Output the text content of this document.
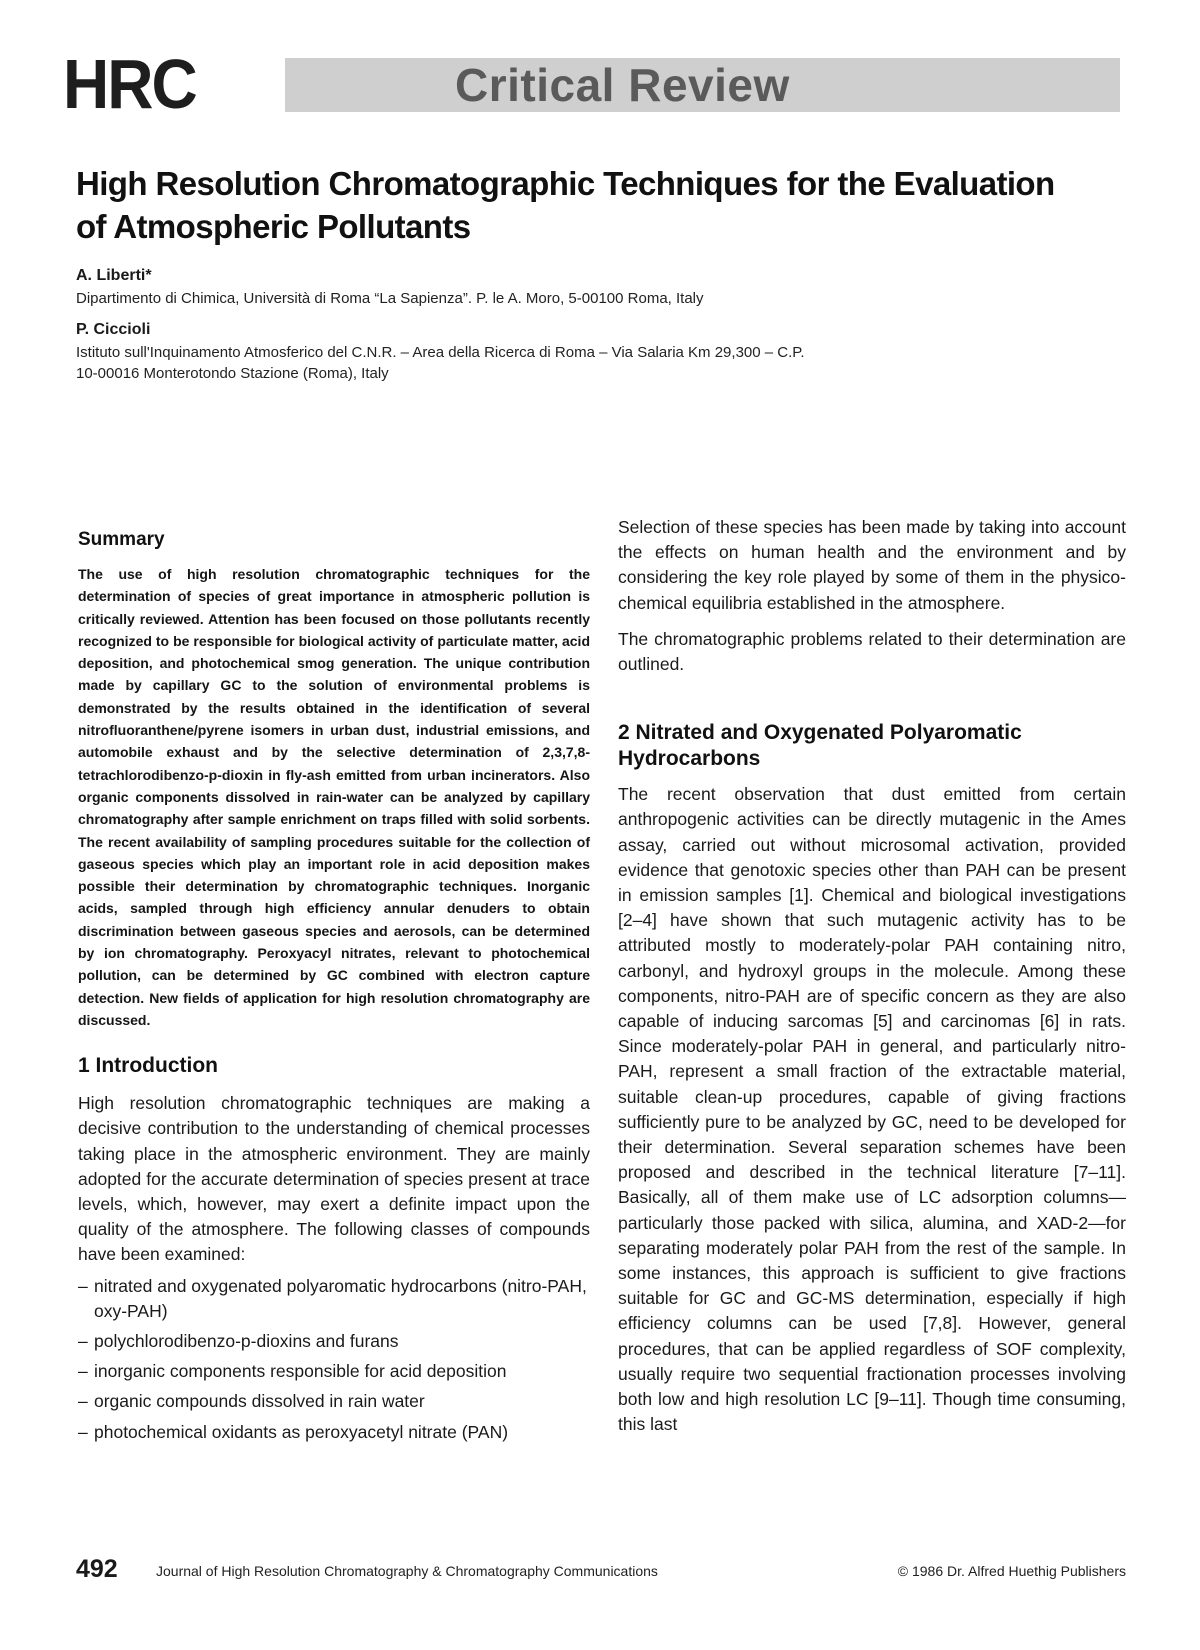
HRC	Critical Review
High Resolution Chromatographic Techniques for the Evaluation of Atmospheric Pollutants

A. Liberti*

Dipartimento di Chimica, Università di Roma “La Sapienza”. P. le A. Moro, 5-00100 Roma, Italy

P. Ciccioli

Istituto sull'Inquinamento Atmosferico del C.N.R. – Area della Ricerca di Roma – Via Salaria Km 29,300 – C.P.
10-00016 Monterotondo Stazione (Roma), Italy

Summary

The use of high resolution chromatographic techniques for the determination of species of great importance in atmospheric pollution is critically reviewed. Attention has been focused on those pollutants recently recognized to be responsible for biological activity of particulate matter, acid deposition, and photochemical smog generation. The unique contribution made by capillary GC to the solution of environmental problems is demonstrated by the results obtained in the identification of several nitrofluoranthene/pyrene isomers in urban dust, industrial emissions, and automobile exhaust and by the selective determination of 2,3,7,8-tetrachlorodibenzo-p-dioxin in fly-ash emitted from urban incinerators. Also organic components dissolved in rain-water can be analyzed by capillary chromatography after sample enrichment on traps filled with solid sorbents. The recent availability of sampling procedures suitable for the collection of gaseous species which play an important role in acid deposition makes possible their determination by chromatographic techniques. Inorganic acids, sampled through high efficiency annular denuders to obtain discrimination between gaseous species and aerosols, can be determined by ion chromatography. Peroxyacyl nitrates, relevant to photochemical pollution, can be determined by GC combined with electron capture detection. New fields of application for high resolution chromatography are discussed.

1 Introduction

High resolution chromatographic techniques are making a decisive contribution to the understanding of chemical processes taking place in the atmospheric environment. They are mainly adopted for the accurate determination of species present at trace levels, which, however, may exert a definite impact upon the quality of the atmosphere. The following classes of compounds have been examined:

– nitrated and oxygenated polyaromatic hydrocarbons (nitro-PAH, oxy-PAH)
– polychlorodibenzo-p-dioxins and furans
– inorganic components responsible for acid deposition
– organic compounds dissolved in rain water
– photochemical oxidants as peroxyacetyl nitrate (PAN)

Selection of these species has been made by taking into account the effects on human health and the environment and by considering the key role played by some of them in the physico-chemical equilibria established in the atmosphere.

The chromatographic problems related to their determination are outlined.

2 Nitrated and Oxygenated Polyaromatic Hydrocarbons

The recent observation that dust emitted from certain anthropogenic activities can be directly mutagenic in the Ames assay, carried out without microsomal activation, provided evidence that genotoxic species other than PAH can be present in emission samples [1]. Chemical and biological investigations [2–4] have shown that such mutagenic activity has to be attributed mostly to moderately-polar PAH containing nitro, carbonyl, and hydroxyl groups in the molecule. Among these components, nitro-PAH are of specific concern as they are also capable of inducing sarcomas [5] and carcinomas [6] in rats. Since moderately-polar PAH in general, and particularly nitro-PAH, represent a small fraction of the extractable material, suitable clean-up procedures, capable of giving fractions sufficiently pure to be analyzed by GC, need to be developed for their determination. Several separation schemes have been proposed and described in the technical literature [7–11]. Basically, all of them make use of LC adsorption columns—particularly those packed with silica, alumina, and XAD-2—for separating moderately polar PAH from the rest of the sample. In some instances, this approach is sufficient to give fractions suitable for GC and GC-MS determination, especially if high efficiency columns can be used [7,8]. However, general procedures, that can be applied regardless of SOF complexity, usually require two sequential fractionation processes involving both low and high resolution LC [9–11]. Though time consuming, this last

492	Journal of High Resolution Chromatography & Chromatography Communications	© 1986 Dr. Alfred Huethig Publishers
